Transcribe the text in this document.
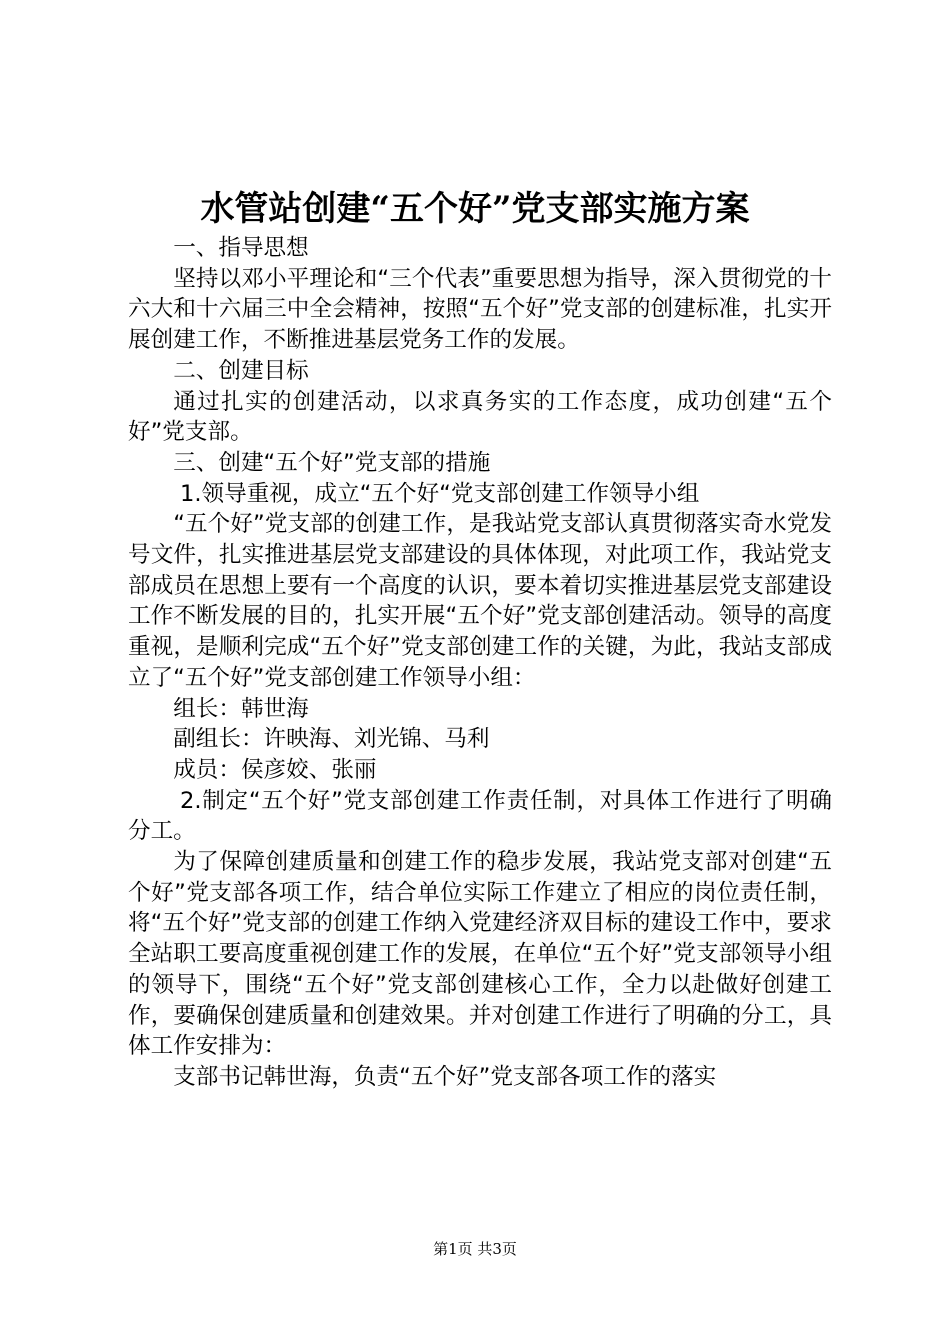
水管站创建“五个好”党支部实施方案

一、指导思想

坚持以邓小平理论和“三个代表”重要思想为指导，深入贯彻党的十六大和十六届三中全会精神，按照“五个好”党支部的创建标准，扎实开展创建工作，不断推进基层党务工作的发展。

二、创建目标

通过扎实的创建活动，以求真务实的工作态度，成功创建“五个好”党支部。

三、创建“五个好”党支部的措施

1.领导重视，成立“五个好“党支部创建工作领导小组

“五个好”党支部的创建工作，是我站党支部认真贯彻落实奇水党发号文件，扎实推进基层党支部建设的具体体现，对此项工作，我站党支部成员在思想上要有一个高度的认识，要本着切实推进基层党支部建设工作不断发展的目的，扎实开展“五个好”党支部创建活动。领导的高度重视，是顺利完成“五个好”党支部创建工作的关键，为此，我站支部成立了“五个好”党支部创建工作领导小组：

组长：韩世海

副组长：许映海、刘光锦、马利

成员：侯彦姣、张丽

2.制定“五个好”党支部创建工作责任制，对具体工作进行了明确分工。

为了保障创建质量和创建工作的稳步发展，我站党支部对创建“五个好”党支部各项工作，结合单位实际工作建立了相应的岗位责任制，将“五个好”党支部的创建工作纳入党建经济双目标的建设工作中，要求全站职工要高度重视创建工作的发展，在单位“五个好”党支部领导小组的领导下，围绕“五个好”党支部创建核心工作，全力以赴做好创建工作，要确保创建质量和创建效果。并对创建工作进行了明确的分工，具体工作安排为：

支部书记韩世海，负责“五个好”党支部各项工作的落实

第1页 共3页
